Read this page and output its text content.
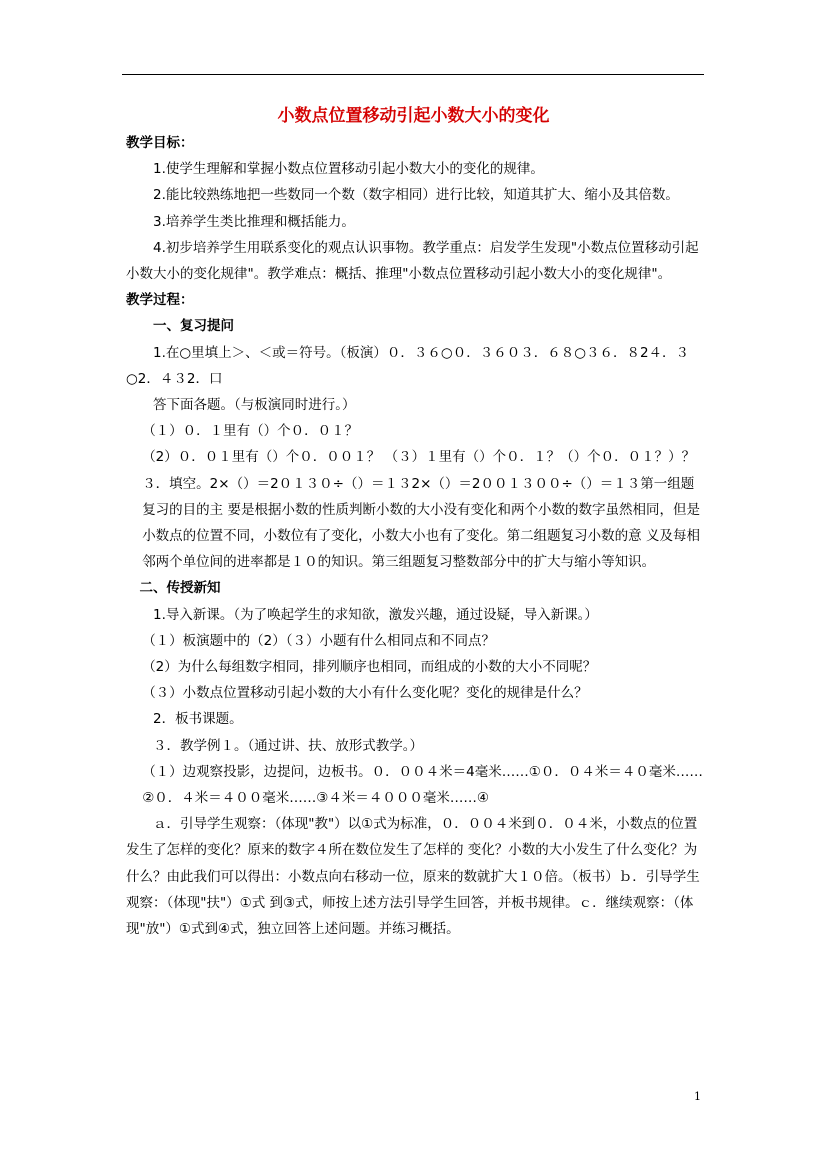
小数点位置移动引起小数大小的变化

教学目标：

1.使学生理解和掌握小数点位置移动引起小数大小的变化的规律。

2.能比较熟练地把一些数同一个数（数字相同）进行比较，知道其扩大、缩小及其倍数。

3.培养学生类比推理和概括能力。

4.初步培养学生用联系变化的观点认识事物。教学重点：启发学生发现"小数点位置移动引起小数大小的变化规律"。教学难点：概括、推理"小数点位置移动引起小数大小的变化规律"。

教学过程：

一、复习提问

1.在○里填上＞、＜或＝符号。（板演）０．３６○０．３６０３．６８○３６．８2４．３○2．４３2．口

答下面各题。（与板演同时进行。）

（１）０．１里有（）个０．０１？

（2）０．０１里有（）个０．００１？ （３）１里有（）个０．１？（）个０．０１？）？３．填空。2×（）＝2０１３０÷（）＝１３2×（）＝2００１３００÷（）＝１３第一组题复习的目的主 要是根据小数的性质判断小数的大小没有变化和两个小数的数字虽然相同，但是小数点的位置不同，小数位有了变化，小数大小也有了变化。第二组题复习小数的意 义及每相邻两个单位间的进率都是１０的知识。第三组题复习整数部分中的扩大与缩小等知识。

二、传授新知

1.导入新课。（为了唤起学生的求知欲，激发兴趣，通过设疑，导入新课。）

（１）板演题中的（2）（３）小题有什么相同点和不同点？

（2）为什么每组数字相同，排列顺序也相同，而组成的小数的大小不同呢？

（３）小数点位置移动引起小数的大小有什么变化呢？变化的规律是什么？

2．板书课题。

３．教学例１。（通过讲、扶、放形式教学。）

（１）边观察投影，边提问，边板书。０．００４米＝4毫米……①０．０４米＝４０毫米……②０．４米＝４００毫米……③４米＝４０００毫米……④

ａ．引导学生观察：（体现"教"）以①式为标准，０．００４米到０．０４米，小数点的位置发生了怎样的变化？原来的数字４所在数位发生了怎样的 变化？小数的大小发生了什么变化？为什么？由此我们可以得出：小数点向右移动一位，原来的数就扩大１０倍。（板书）ｂ．引导学生观察：（体现"扶"）①式 到③式，师按上述方法引导学生回答，并板书规律。ｃ．继续观察：（体现"放"）①式到④式，独立回答上述问题。并练习概括。

1
